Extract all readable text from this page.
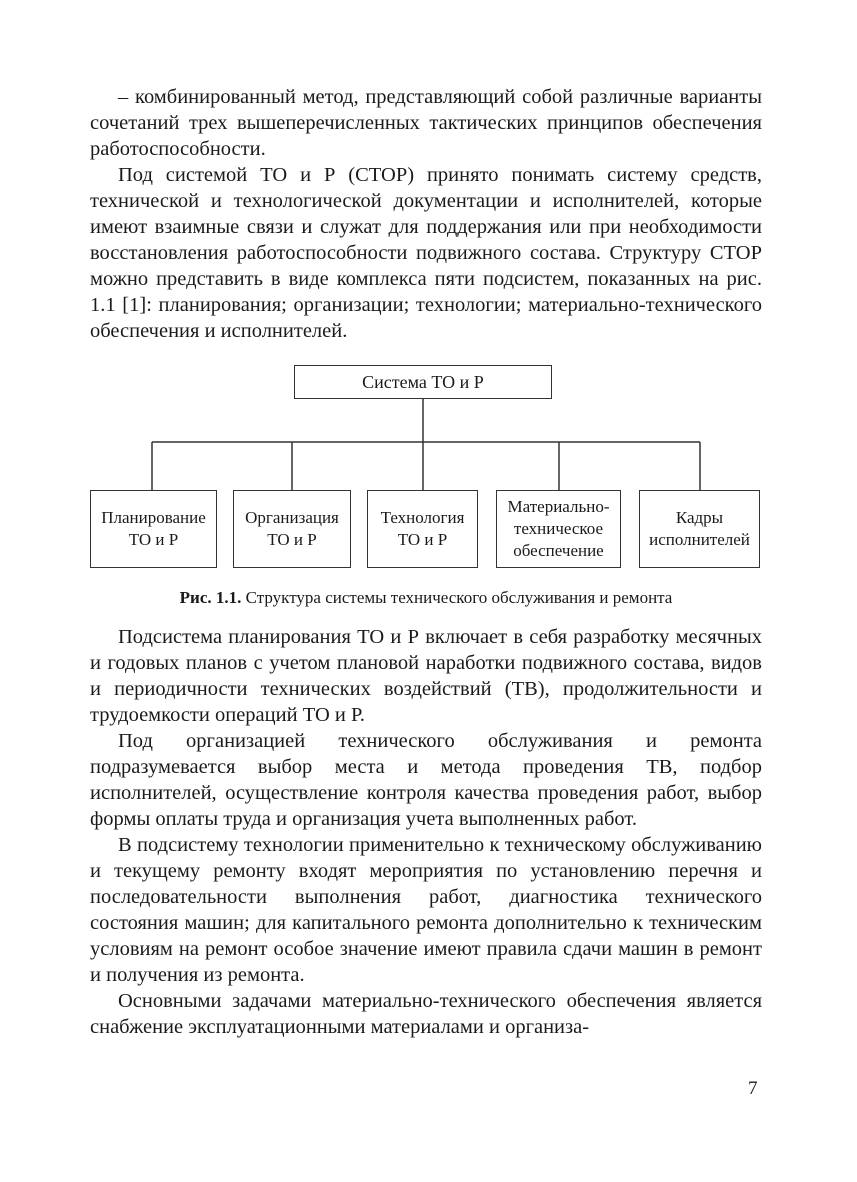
– комбинированный метод, представляющий собой различные варианты сочетаний трех вышеперечисленных тактических принципов обеспечения работоспособности.

Под системой ТО и Р (СТОР) принято понимать систему средств, технической и технологической документации и исполнителей, которые имеют взаимные связи и служат для поддержания или при необходимости восстановления работоспособности подвижного состава. Структуру СТОР можно представить в виде комплекса пяти подсистем, показанных на рис. 1.1 [1]: планирования; организации; технологии; материально-технического обеспечения и исполнителей.

Система ТО и Р
Планирование
ТО и Р
Организация
ТО и Р
Технология
ТО и Р
Материально-
техническое
обеспечение
Кадры
исполнителей
Рис. 1.1. Структура системы технического обслуживания и ремонта

Подсистема планирования ТО и Р включает в себя разработку месячных и годовых планов с учетом плановой наработки подвижного состава, видов и периодичности технических воздействий (ТВ), продолжительности и трудоемкости операций ТО и Р.

Под организацией технического обслуживания и ремонта подразумевается выбор места и метода проведения ТВ, подбор исполнителей, осуществление контроля качества проведения работ, выбор формы оплаты труда и организация учета выполненных работ.

В подсистему технологии применительно к техническому обслуживанию и текущему ремонту входят мероприятия по установлению перечня и последовательности выполнения работ, диагностика технического состояния машин; для капитального ремонта дополнительно к техническим условиям на ремонт особое значение имеют правила сдачи машин в ремонт и получения из ремонта.

Основными задачами материально-технического обеспечения является снабжение эксплуатационными материалами и организа-

7
